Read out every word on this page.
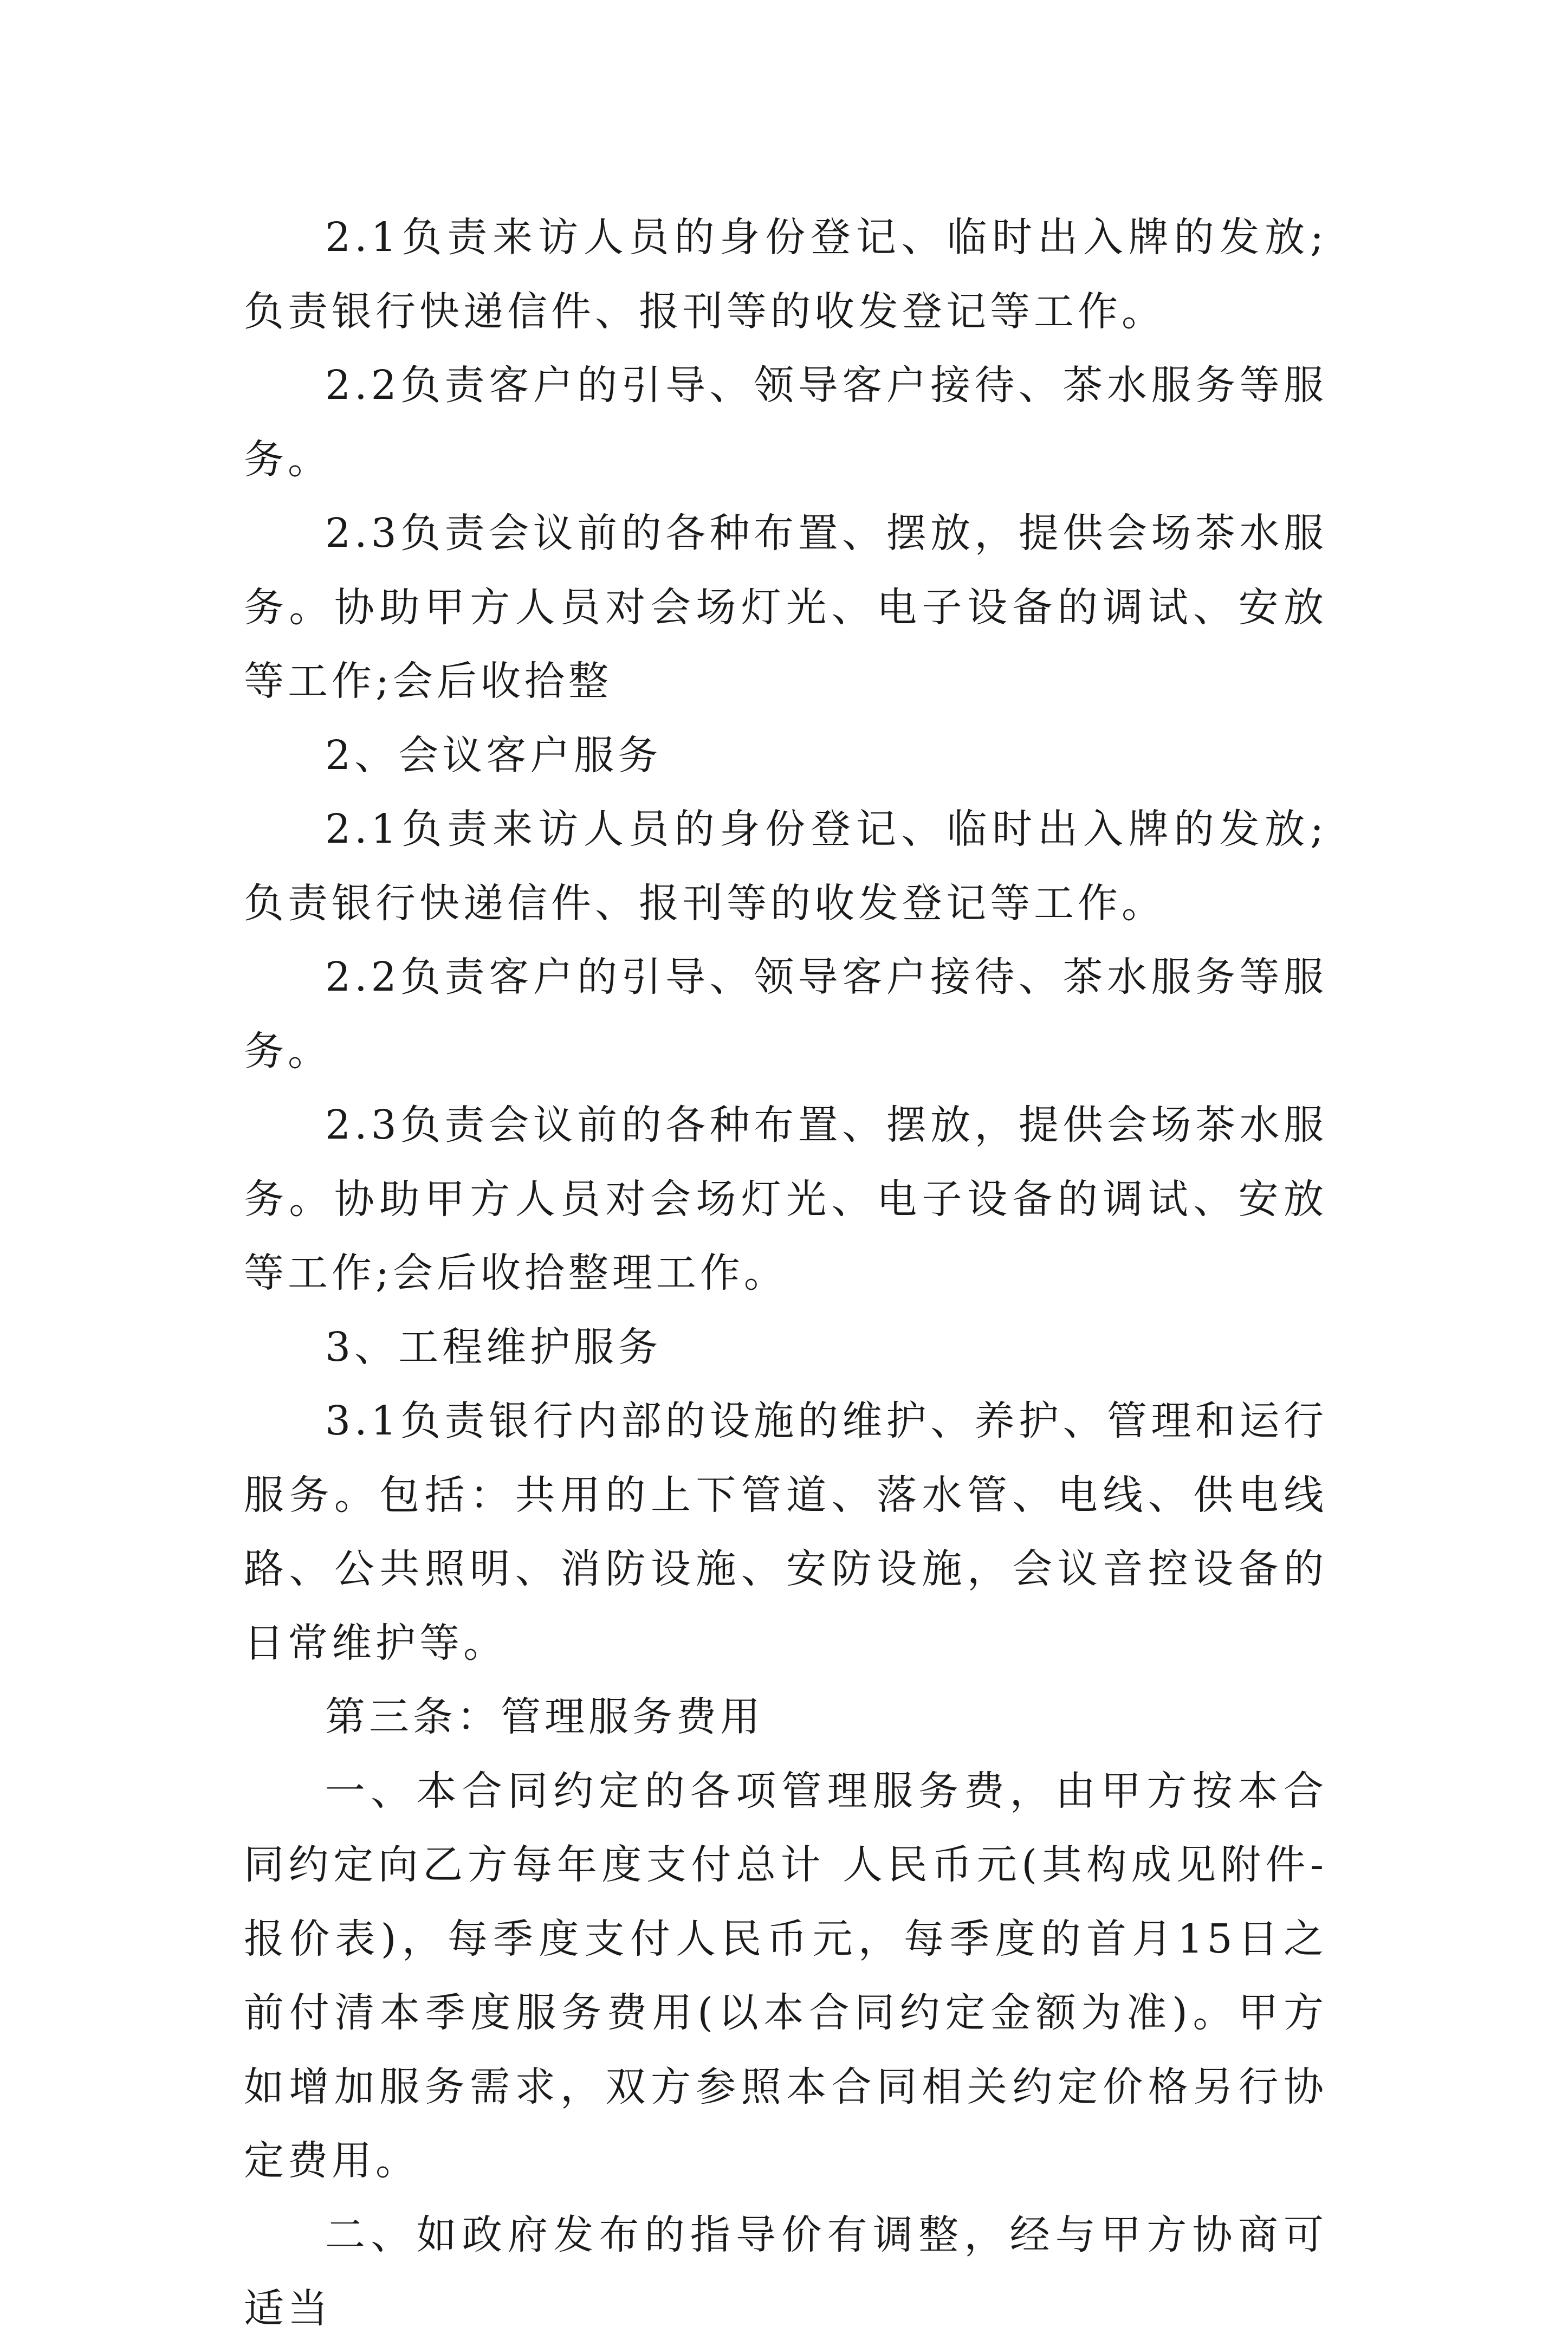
2.1负责来访人员的身份登记、临时出入牌的发放;负责银行快递信件、报刊等的收发登记等工作。

2.2负责客户的引导、领导客户接待、茶水服务等服务。

2.3负责会议前的各种布置、摆放，提供会场茶水服务。协助甲方人员对会场灯光、电子设备的调试、安放等工作;会后收拾整

2、会议客户服务

2.1负责来访人员的身份登记、临时出入牌的发放;负责银行快递信件、报刊等的收发登记等工作。

2.2负责客户的引导、领导客户接待、茶水服务等服务。

2.3负责会议前的各种布置、摆放，提供会场茶水服务。协助甲方人员对会场灯光、电子设备的调试、安放等工作;会后收拾整理工作。

3、工程维护服务

3.1负责银行内部的设施的维护、养护、管理和运行服务。包括：共用的上下管道、落水管、电线、供电线路、公共照明、消防设施、安防设施，会议音控设备的日常维护等。

第三条：管理服务费用

一、本合同约定的各项管理服务费，由甲方按本合同约定向乙方每年度支付总计 人民币元(其构成见附件-报价表)，每季度支付人民币元，每季度的首月15日之前付清本季度服务费用(以本合同约定金额为准)。甲方如增加服务需求，双方参照本合同相关约定价格另行协定费用。

二、如政府发布的指导价有调整，经与甲方协商可适当
